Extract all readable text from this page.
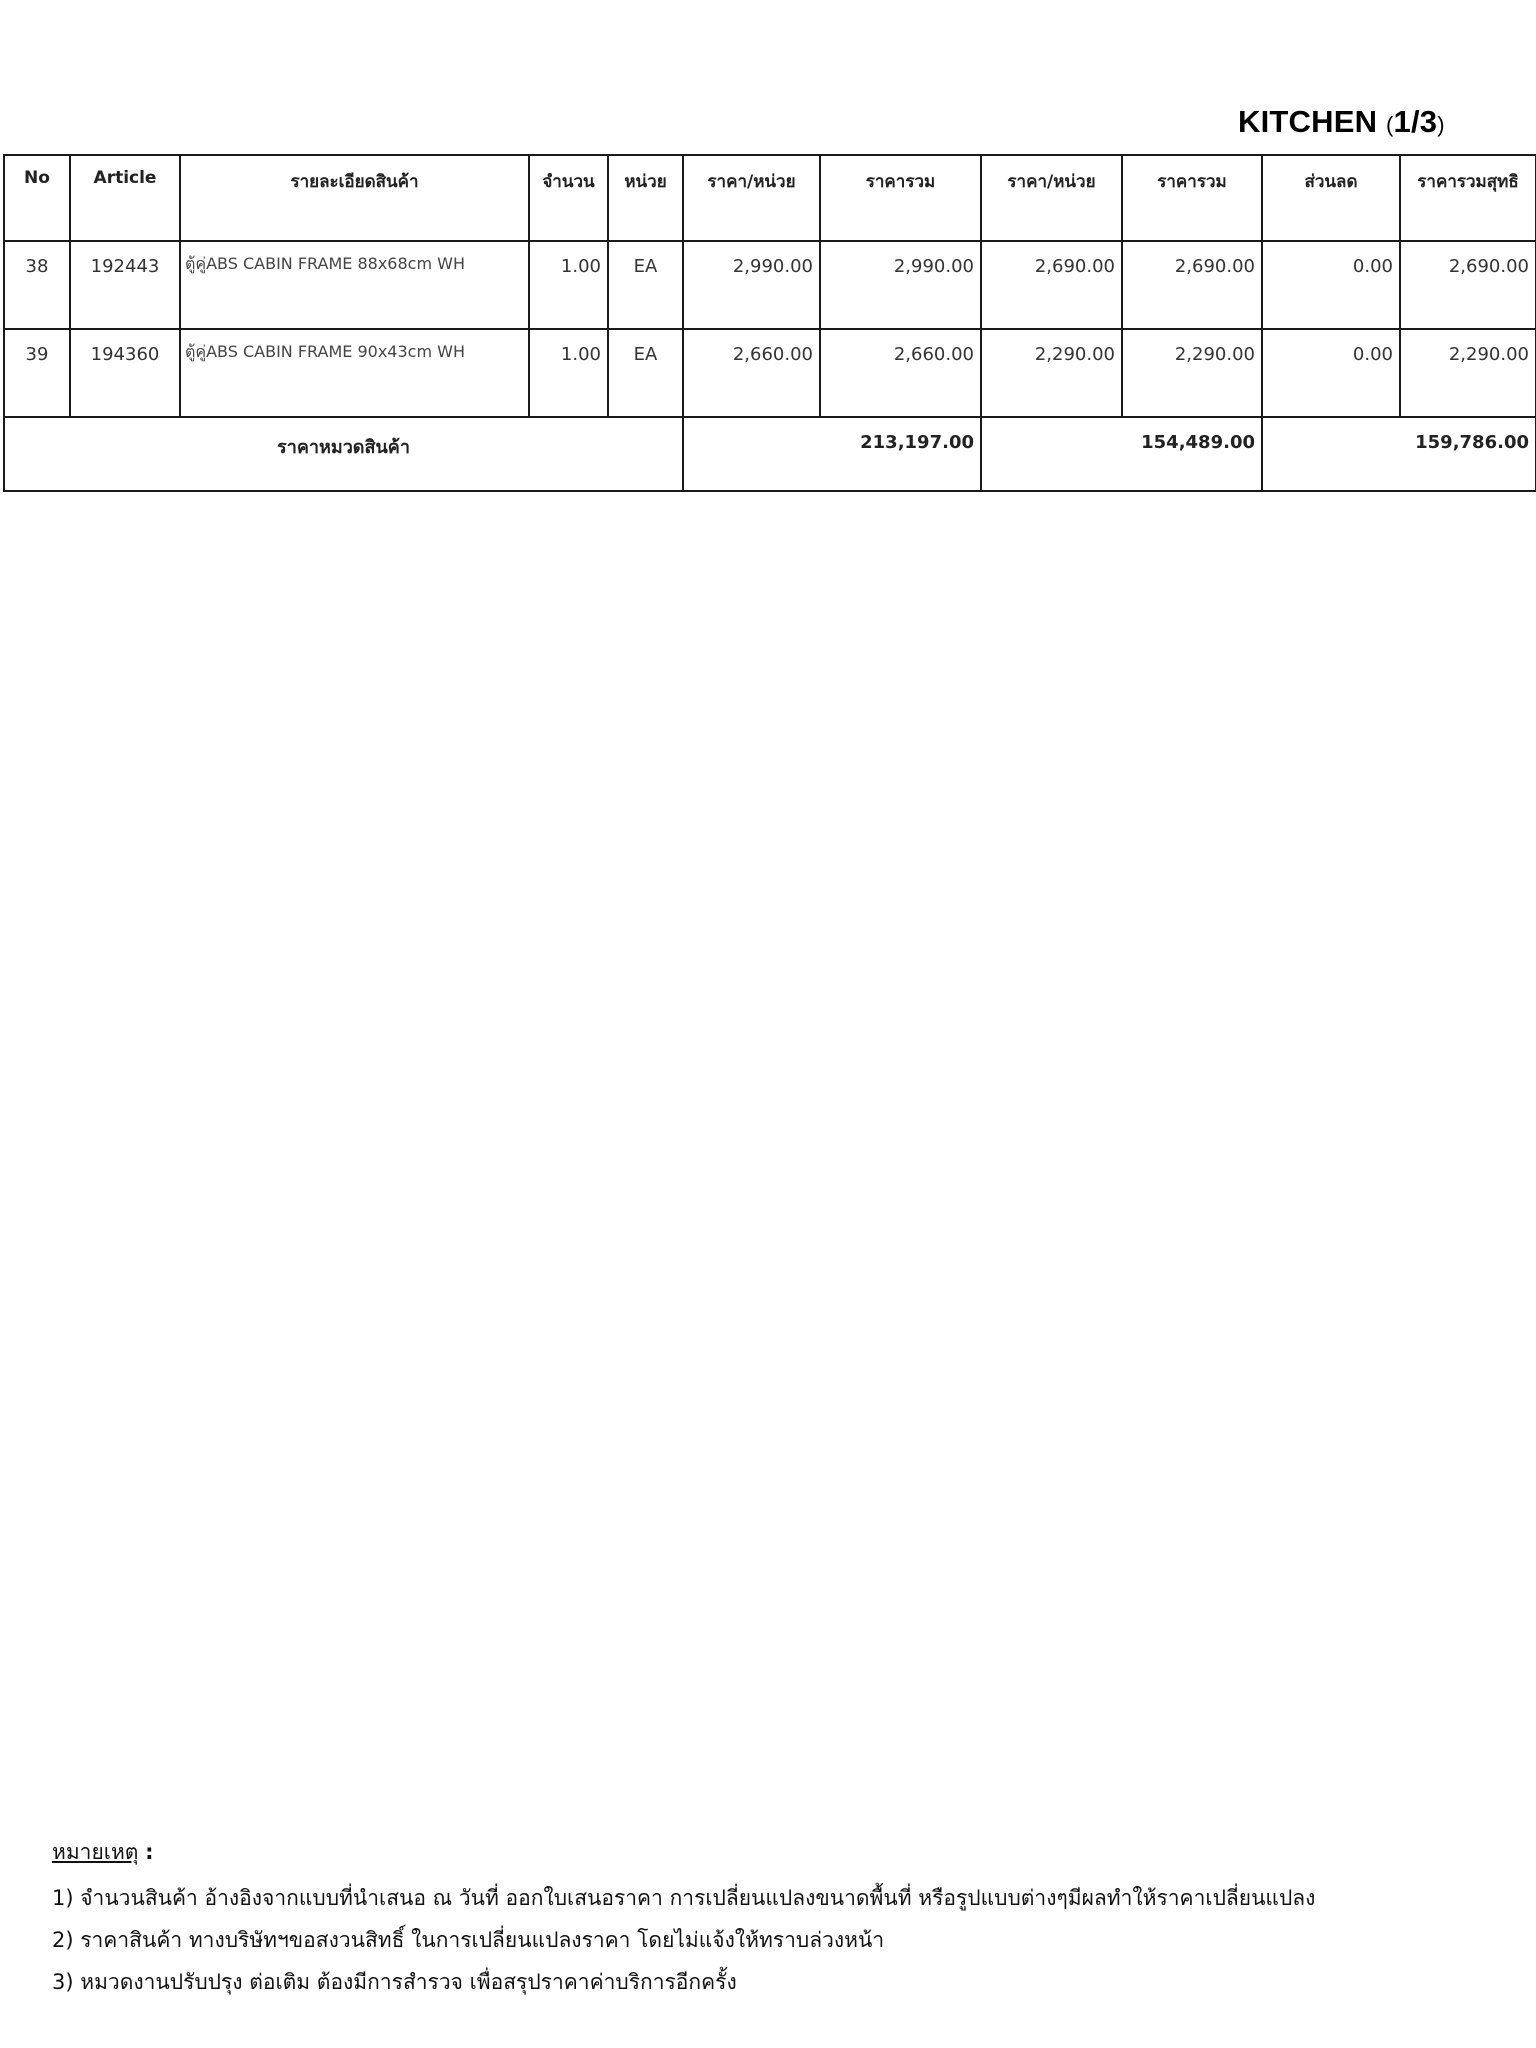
KITCHEN (1/3)
No	Article	รายละเอียดสินค้า	จำนวน	หน่วย	ราคา/หน่วย	ราคารวม	ราคา/หน่วย	ราคารวม	ส่วนลด	ราคารวมสุทธิ
38	192443	ตู้คู่ABS CABIN FRAME 88x68cm WH	1.00	EA	2,990.00	2,990.00	2,690.00	2,690.00	0.00	2,690.00
39	194360	ตู้คู่ABS CABIN FRAME 90x43cm WH	1.00	EA	2,660.00	2,660.00	2,290.00	2,290.00	0.00	2,290.00
ราคาหมวดสินค้า					213,197.00		154,489.00		159,786.00	
หมายเหตุ :
1) จำนวนสินค้า อ้างอิงจากแบบที่นำเสนอ ณ วันที่ ออกใบเสนอราคา การเปลี่ยนแปลงขนาดพื้นที่ หรือรูปแบบต่างๆมีผลทำให้ราคาเปลี่ยนแปลง
2) ราคาสินค้า ทางบริษัทฯขอสงวนสิทธิ์ ในการเปลี่ยนแปลงราคา โดยไม่แจ้งให้ทราบล่วงหน้า
3) หมวดงานปรับปรุง ต่อเติม ต้องมีการสำรวจ เพื่อสรุปราคาค่าบริการอีกครั้ง
